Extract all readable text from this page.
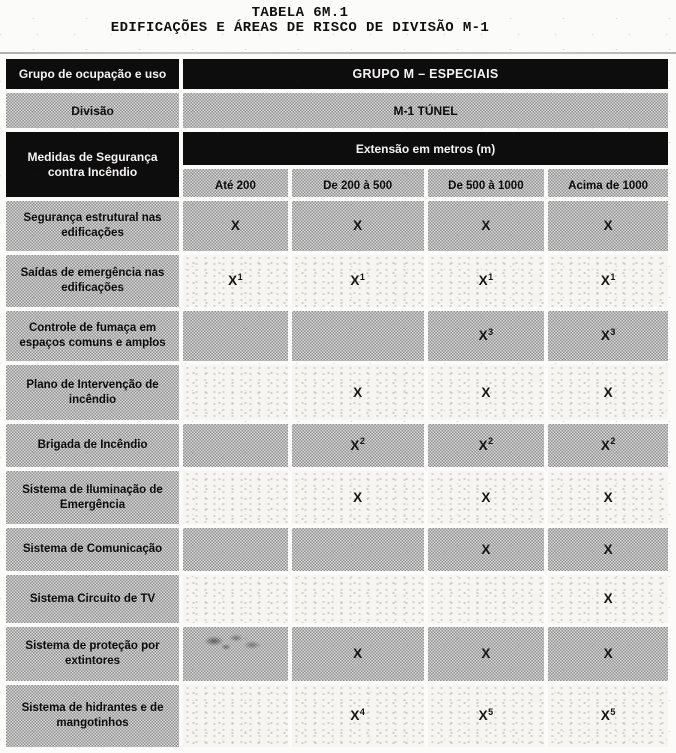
TABELA 6M.1
EDIFICAÇÕES E ÁREAS DE RISCO DE DIVISÃO M-1
Grupo de ocupação e uso	GRUPO M – ESPECIAIS			
Divisão	M-1 TÚNEL			
Medidas de Segurança contra Incêndio	Extensão em metros (m)			
	Até 200	De 200 à 500	De 500 à 1000	Acima de 1000
Segurança estrutural nas edificações	X	X	X	X
Saídas de emergência nas edificações	$X^1$	$X^1$	$X^1$	$X^1$
Controle de fumaça em espaços comuns e amplos			$X^3$	$X^3$
Plano de Intervenção de incêndio		X	X	X
Brigada de Incêndio		$X^2$	$X^2$	$X^2$
Sistema de Iluminação de Emergência		X	X	X
Sistema de Comunicação			X	X
Sistema Circuito de TV				X
Sistema de proteção por extintores		X	X	X
Sistema de hidrantes e de mangotinhos		$X^4$	$X^5$	$X^5$
